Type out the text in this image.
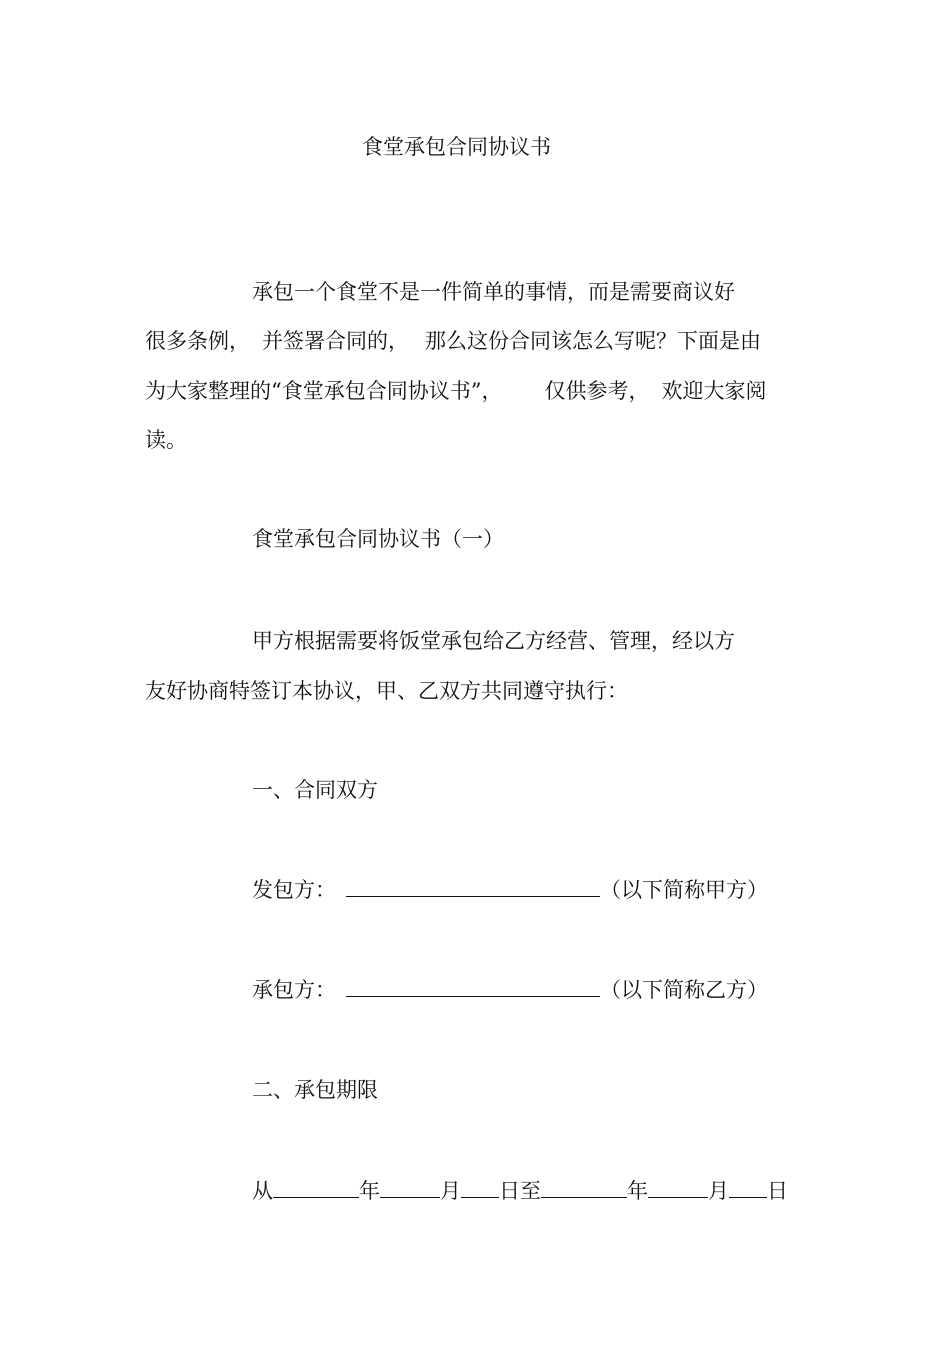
食堂承包合同协议书
承包一个食堂不是一件简单的事情，而是需要商议好
很多条例， 并签署合同的， 那么这份合同该怎么写呢？下面是由
为大家整理的“食堂承包合同协议书”， 仅供参考， 欢迎大家阅
读。
食堂承包合同协议书（一）
甲方根据需要将饭堂承包给乙方经营、管理，经以方
友好协商特签订本协议，甲、乙双方共同遵守执行：
一、合同双方
发包方：	（以下简称甲方）
承包方：	（以下简称乙方）
二、承包期限
从	年	月 日至	年	月 日
